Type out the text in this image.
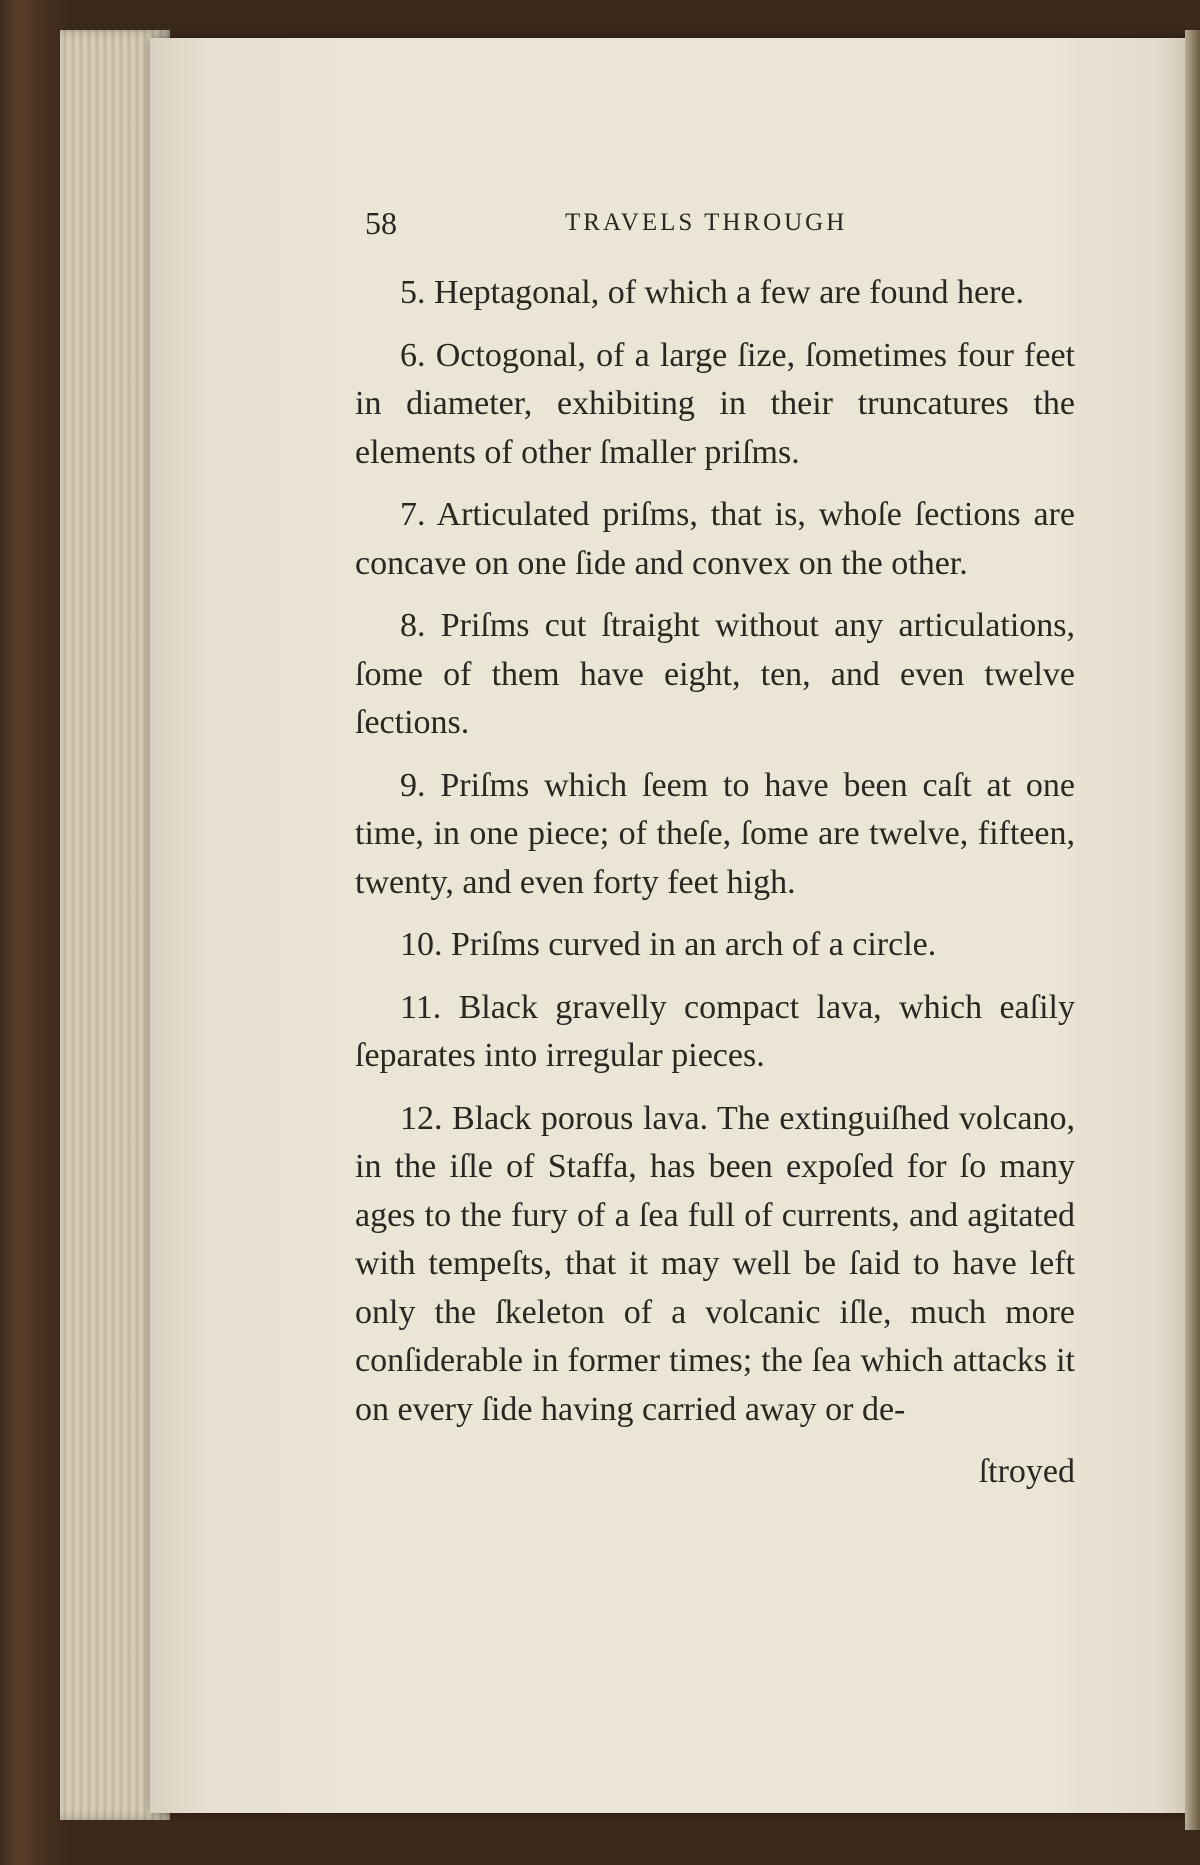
58	TRAVELS THROUGH

5. Heptagonal, of which a few are found here.

6. Octogonal, of a large ſize, ſometimes four feet in diameter, exhibiting in their truncatures the elements of other ſmaller priſms.

7. Articulated priſms, that is, whoſe ſections are concave on one ſide and convex on the other.

8. Priſms cut ſtraight without any articulations, ſome of them have eight, ten, and even twelve ſections.

9. Priſms which ſeem to have been caſt at one time, in one piece; of theſe, ſome are twelve, fifteen, twenty, and even forty feet high.

10. Priſms curved in an arch of a circle.

11. Black gravelly compact lava, which eaſily ſeparates into irregular pieces.

12. Black porous lava. The extinguiſhed volcano, in the iſle of Staffa, has been expoſed for ſo many ages to the fury of a ſea full of currents, and agitated with tempeſts, that it may well be ſaid to have left only the ſkeleton of a volcanic iſle, much more conſiderable in former times; the ſea which attacks it on every ſide having carried away or de-

ſtroyed
